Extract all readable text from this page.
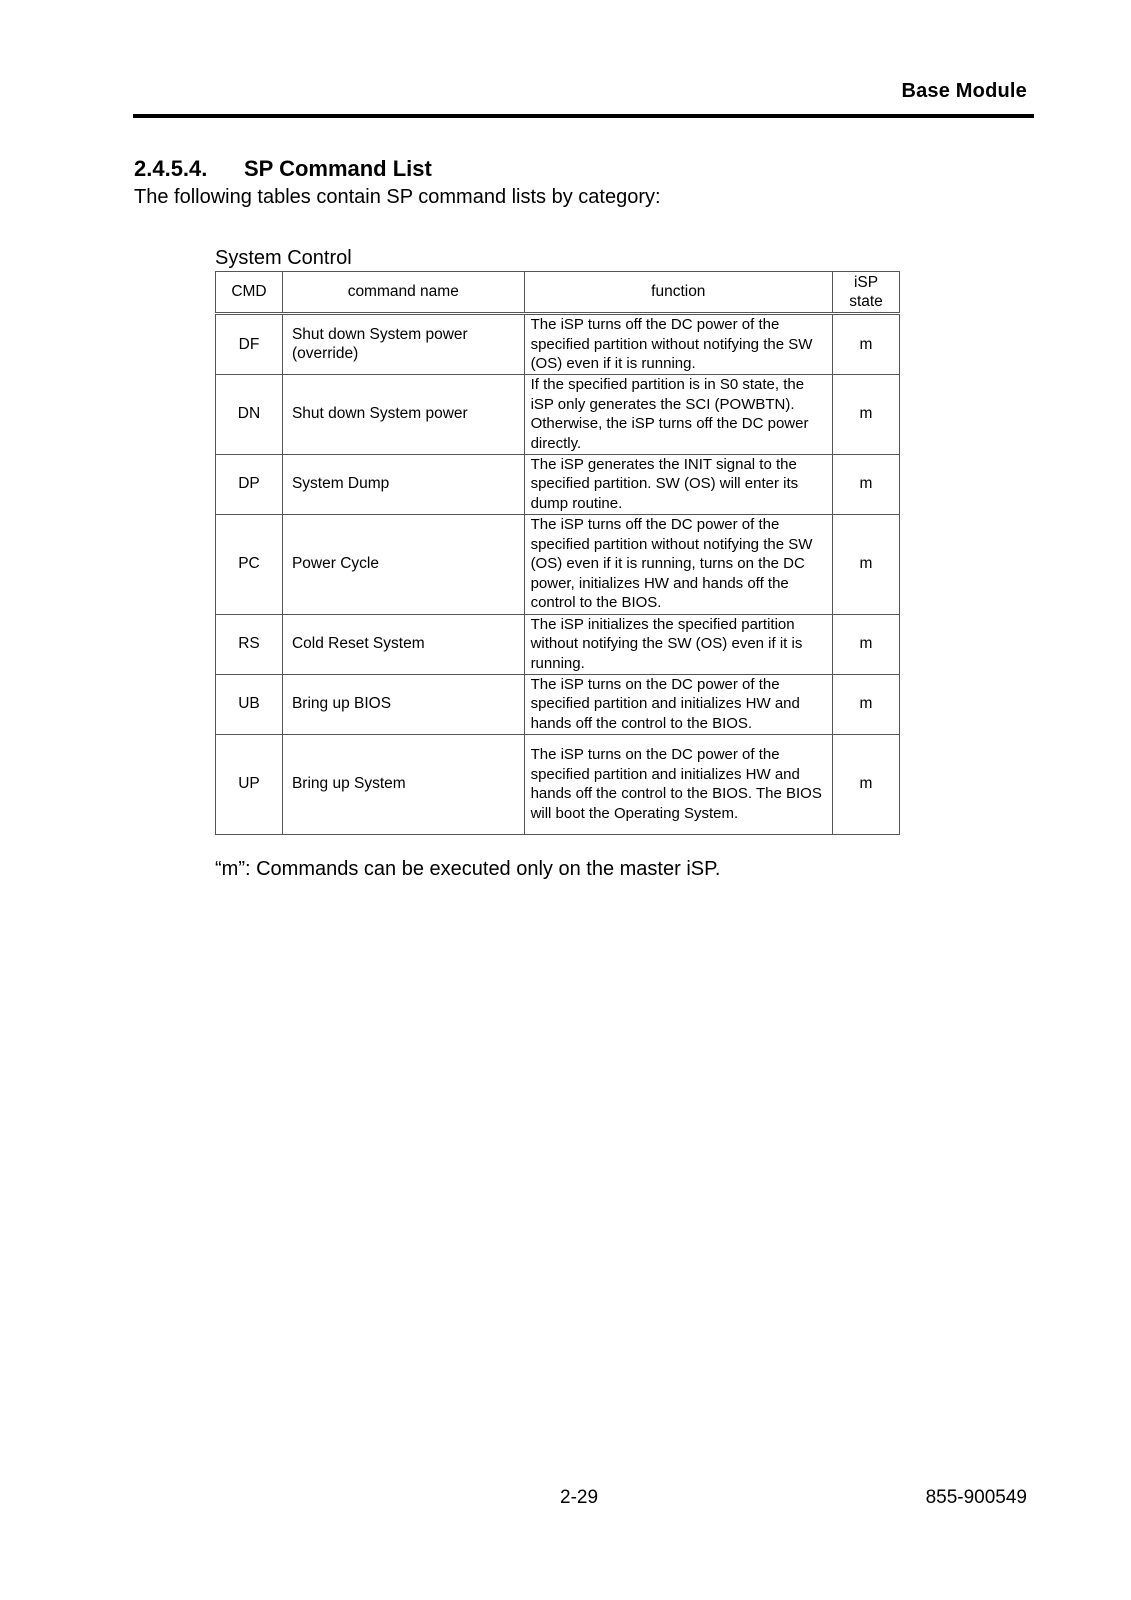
Base Module
2.4.5.4. SP Command List

The following tables contain SP command lists by category:

System Control

CMD	command name	function	iSP
state
DF	Shut down System power (override)	The iSP turns off the DC power of the specified partition without notifying the SW (OS) even if it is running.	m
DN	Shut down System power	If the specified partition is in S0 state, the iSP only generates the SCI (POWBTN). Otherwise, the iSP turns off the DC power directly.	m
DP	System Dump	The iSP generates the INIT signal to the specified partition. SW (OS) will enter its dump routine.	m
PC	Power Cycle	The iSP turns off the DC power of the specified partition without notifying the SW (OS) even if it is running, turns on the DC power, initializes HW and hands off the control to the BIOS.	m
RS	Cold Reset System	The iSP initializes the specified partition without notifying the SW (OS) even if it is running.	m
UB	Bring up BIOS	The iSP turns on the DC power of the specified partition and initializes HW and hands off the control to the BIOS.	m
UP	Bring up System	The iSP turns on the DC power of the specified partition and initializes HW and hands off the control to the BIOS. The BIOS will boot the Operating System.	m

“m”: Commands can be executed only on the master iSP.

2-29	855-900549
